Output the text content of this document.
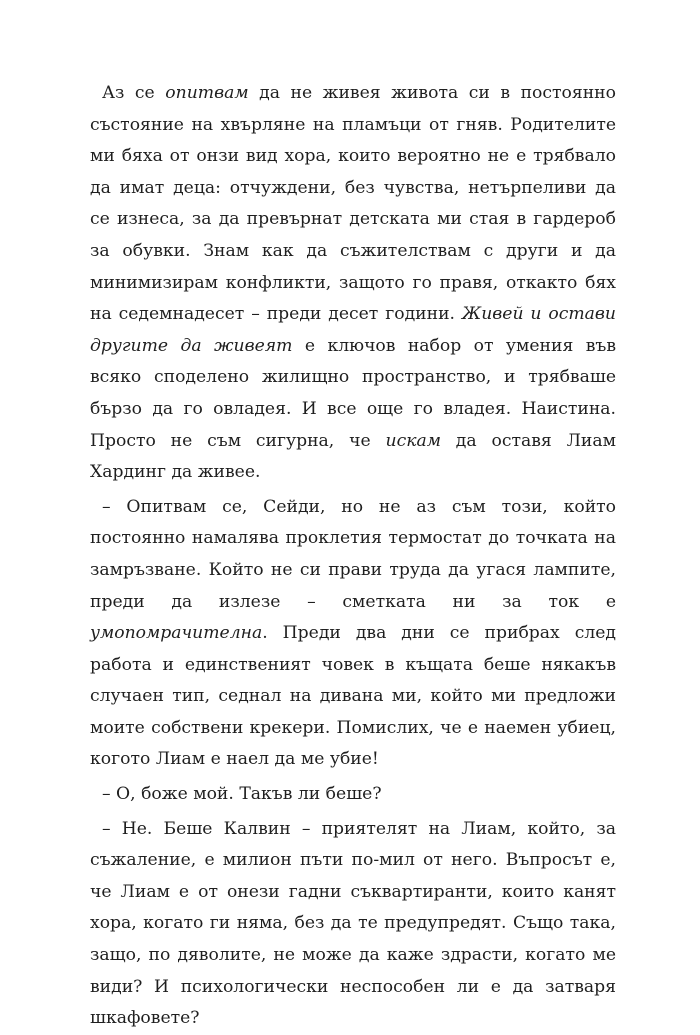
Аз се опитвам да не живея живота си в постоянно състояние на хвърляне на пламъци от гняв. Родителите ми бяха от онзи вид хора, които вероятно не е трябвало да имат деца: отчуждени, без чувства, нетърпеливи да се изнеса, за да превърнат детската ми стая в гардероб за обувки. Знам как да съжителствам с други и да минимизирам конфликти, защото го правя, откакто бях на седемнадесет – преди десет години. Живей и остави другите да живеят е ключов набор от умения във всяко споделено жилищно пространство, и трябваше бързо да го овладея. И все още го владея. Наистина. Просто не съм сигурна, че искам да оставя Лиам Хардинг да живее.

– Опитвам се, Сейди, но не аз съм този, който постоянно намалява проклетия термостат до точката на замръзване. Който не си прави труда да угася лампите, преди да излезе – сметката ни за ток е умопомрачителна. Преди два дни се прибрах след работа и единственият човек в къщата беше някакъв случаен тип, седнал на дивана ми, който ми предложи моите собствени крекери. Помислих, че е наемен убиец, когото Лиам е наел да ме убие!

– О, боже мой. Такъв ли беше?

– Не. Беше Калвин – приятелят на Лиам, който, за съжаление, е милион пъти по-мил от него. Въпросът е, че Лиам е от онези гадни съквартиранти, които канят хора, когато ги няма, без да те предупредят. Също така, защо, по дяволите, не може да каже здрасти, когато ме види? И психологически неспособен ли е да затваря шкафовете?
